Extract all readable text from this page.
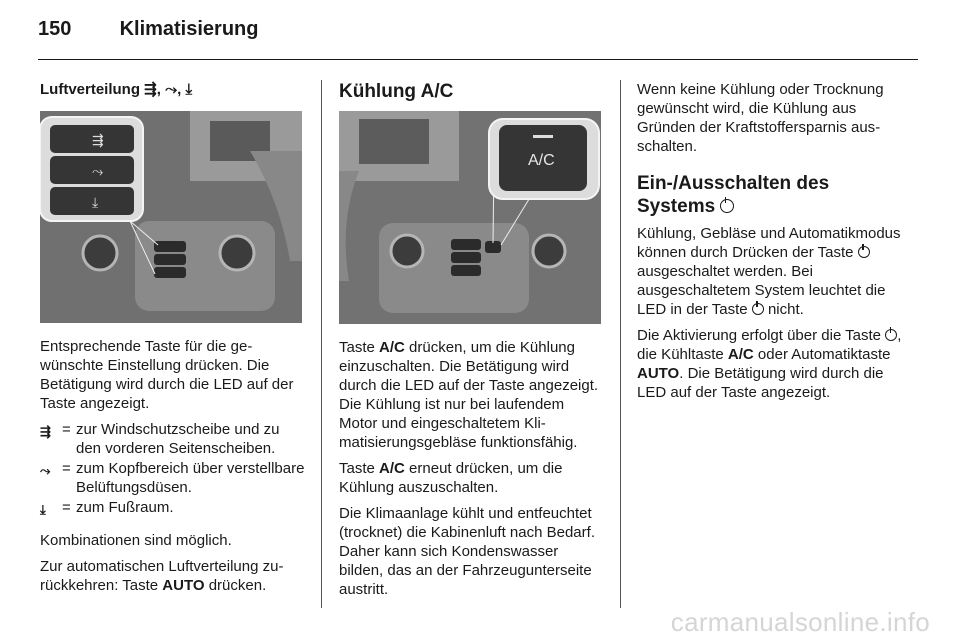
150 Klimatisierung
Luftverteilung ⇶, ⤳, ⤓
⇶
⤳
⤓

Entsprechende Taste für die gewünschte Einstellung drücken. Die Betätigung wird durch die LED auf der Taste angezeigt.

⇶ = zur Windschutzscheibe und zu den vorderen Seitenscheiben.
⤳ = zum Kopfbereich über verstellbare Belüftungsdüsen.
⤓	= zum Fußraum.

Kombinationen sind möglich.

Zur automatischen Luftverteilung zurückkehren: Taste AUTO drücken.

Kühlung A/C
A/C

Taste A/C drücken, um die Kühlung einzuschalten. Die Betätigung wird durch die LED auf der Taste angezeigt. Die Kühlung ist nur bei laufendem Motor und eingeschaltetem Klimatisierungsgebläse funktionsfähig.

Taste A/C erneut drücken, um die Kühlung auszuschalten.

Die Klimaanlage kühlt und entfeuchtet (trocknet) die Kabinenluft nach Bedarf. Daher kann sich Kondenswasser bilden, das an der Fahrzeugunterseite austritt.

Wenn keine Kühlung oder Trocknung gewünscht wird, die Kühlung aus Gründen der Kraftstoffersparnis ausschalten.

Ein-/Ausschalten des Systems

Kühlung, Gebläse und Automatikmodus können durch Drücken der Taste  ausgeschaltet werden. Bei ausgeschaltetem System leuchtet die LED in der Taste  nicht.

Die Aktivierung erfolgt über die Taste , die Kühltaste A/C oder Automatiktaste AUTO. Die Betätigung wird durch die LED auf der Taste angezeigt.

carmanualsonline.info
